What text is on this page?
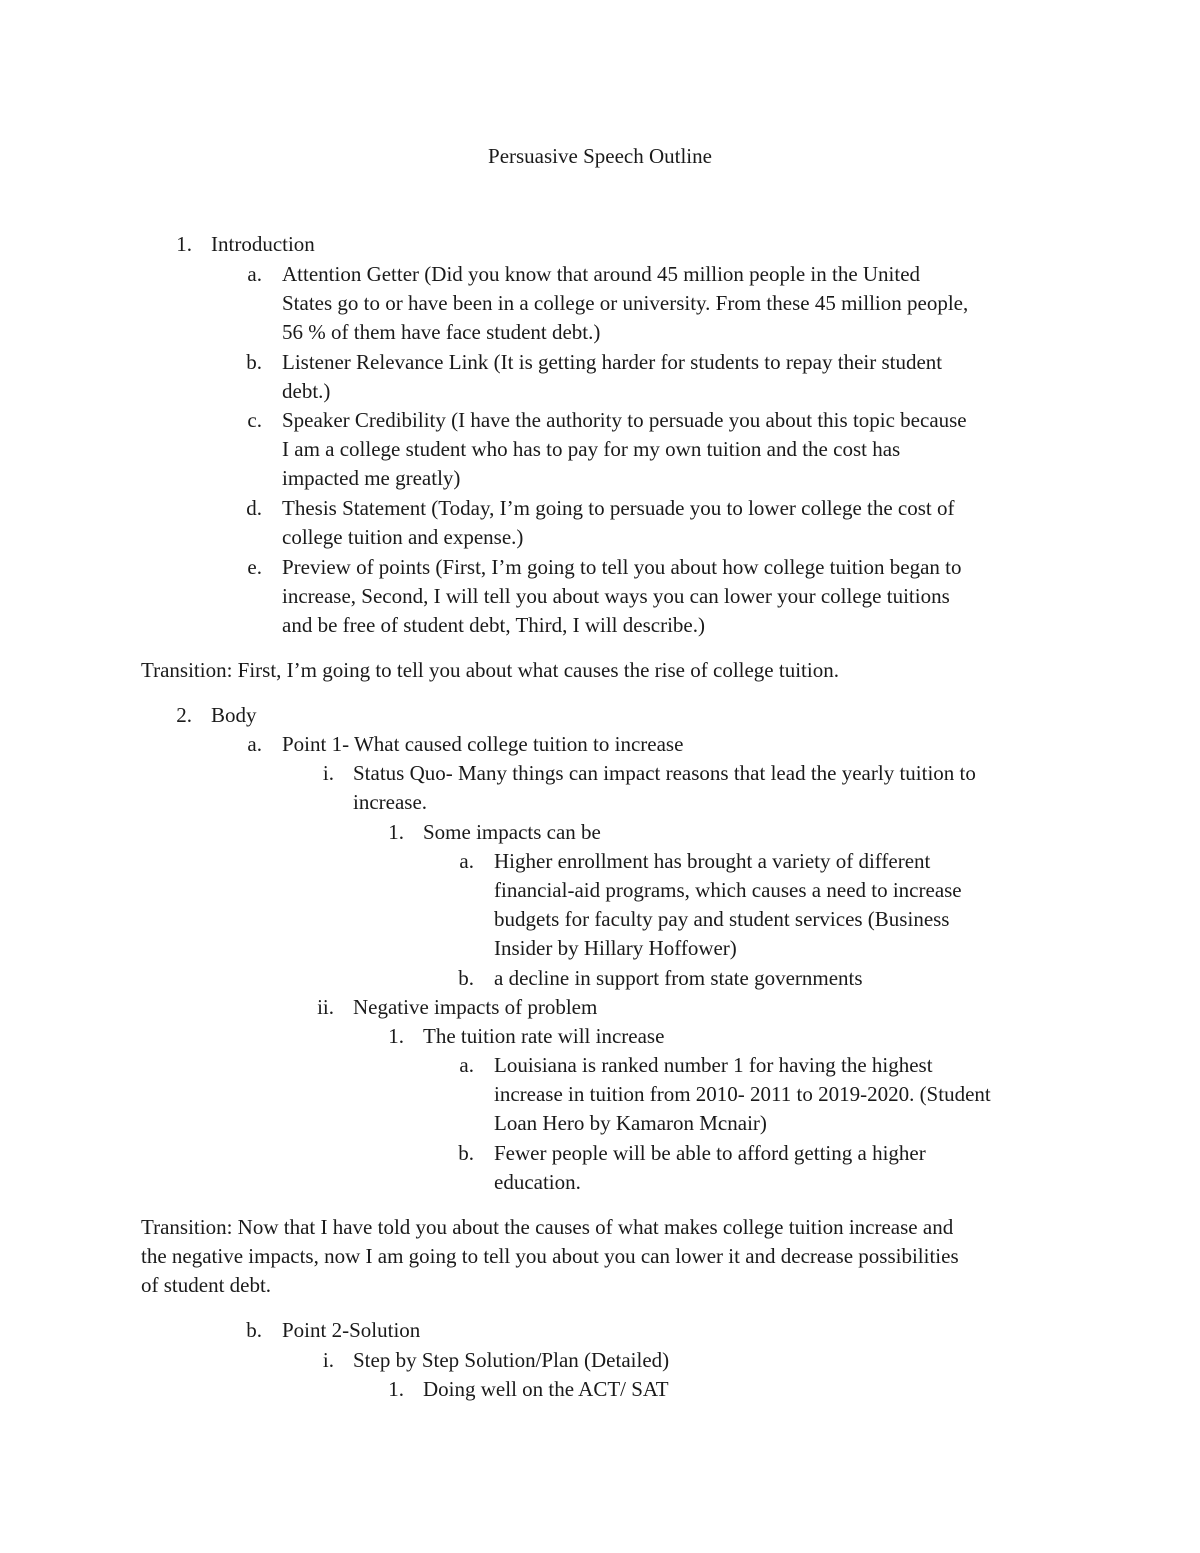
Persuasive Speech Outline
1. Introduction
a. Attention Getter (Did you know that around 45 million people in the United
States go to or have been in a college or university. From these 45 million people,
56 % of them have face student debt.)
b. Listener Relevance Link (It is getting harder for students to repay their student
debt.)
c. Speaker Credibility (I have the authority to persuade you about this topic because
I am a college student who has to pay for my own tuition and the cost has
impacted me greatly)
d. Thesis Statement (Today, I’m going to persuade you to lower college the cost of
college tuition and expense.)
e. Preview of points (First, I’m going to tell you about how college tuition began to
increase, Second, I will tell you about ways you can lower your college tuitions
and be free of student debt, Third, I will describe.)
Transition: First, I’m going to tell you about what causes the rise of college tuition.
2. Body
a. Point 1- What caused college tuition to increase
i. Status Quo- Many things can impact reasons that lead the yearly tuition to
increase.
1. Some impacts can be
a. Higher enrollment has brought a variety of different
financial-aid programs, which causes a need to increase
budgets for faculty pay and student services (Business
Insider by Hillary Hoffower)
b. a decline in support from state governments
ii. Negative impacts of problem
1. The tuition rate will increase
a. Louisiana is ranked number 1 for having the highest
increase in tuition from 2010- 2011 to 2019-2020. (Student
Loan Hero by Kamaron Mcnair)
b. Fewer people will be able to afford getting a higher
education.
Transition: Now that I have told you about the causes of what makes college tuition increase and
the negative impacts, now I am going to tell you about you can lower it and decrease possibilities
of student debt.
b. Point 2-Solution
i. Step by Step Solution/Plan (Detailed)
1. Doing well on the ACT/ SAT
